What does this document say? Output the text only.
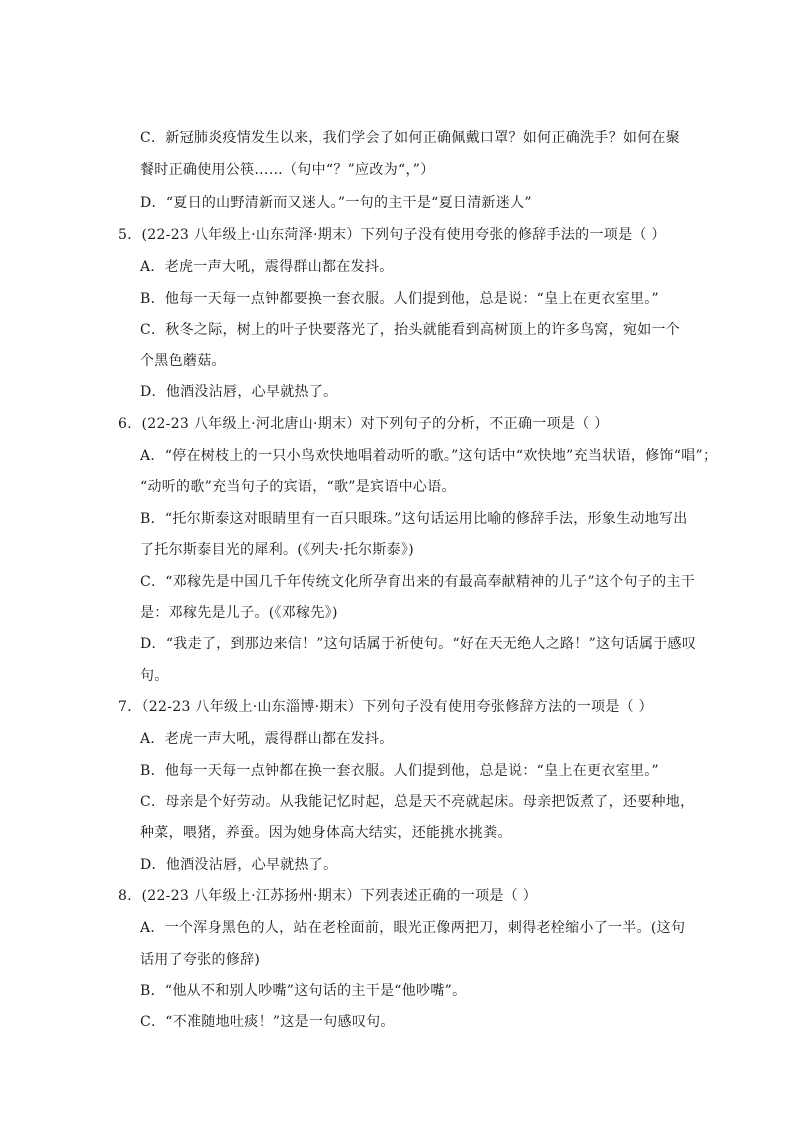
C．新冠肺炎疫情发生以来，我们学会了如何正确佩戴口罩？如何正确洗手？如何在聚
餐时正确使用公筷……（句中“？”应改为“，”）
D．“夏日的山野清新而又迷人。”一句的主干是“夏日清新迷人”
5．(22-23 八年级上·山东菏泽·期末）下列句子没有使用夸张的修辞手法的一项是（ ）
A．老虎一声大吼，震得群山都在发抖。
B．他每一天每一点钟都要换一套衣服。人们提到他，总是说：“皇上在更衣室里。”
C．秋冬之际，树上的叶子快要落光了，抬头就能看到高树顶上的许多鸟窝，宛如一个
个黑色蘑菇。
D．他酒没沾唇，心早就热了。
6．(22-23 八年级上·河北唐山·期末）对下列句子的分析，不正确一项是（ ）
A．“停在树枝上的一只小鸟欢快地唱着动听的歌。”这句话中“欢快地”充当状语，修饰“唱”；
“动听的歌”充当句子的宾语，“歌”是宾语中心语。
B．“托尔斯泰这对眼睛里有一百只眼珠。”这句话运用比喻的修辞手法，形象生动地写出
了托尔斯泰目光的犀利。(《列夫·托尔斯泰》)
C．“邓稼先是中国几千年传统文化所孕育出来的有最高奉献精神的儿子”这个句子的主干
是：邓稼先是儿子。(《邓稼先》)
D．“我走了，到那边来信！”这句话属于祈使句。“好在天无绝人之路！”这句话属于感叹
句。
7．（22-23 八年级上·山东淄博·期末）下列句子没有使用夸张修辞方法的一项是（ ）
A．老虎一声大吼，震得群山都在发抖。
B．他每一天每一点钟都在换一套衣服。人们提到他，总是说：“皇上在更衣室里。”
C．母亲是个好劳动。从我能记忆时起，总是天不亮就起床。母亲把饭煮了，还要种地，
种菜，喂猪，养蚕。因为她身体高大结实，还能挑水挑粪。
D．他酒没沾唇，心早就热了。
8．(22-23 八年级上·江苏扬州·期末）下列表述正确的一项是（ ）
A．一个浑身黑色的人，站在老栓面前，眼光正像两把刀，刺得老栓缩小了一半。(这句
话用了夸张的修辞)
B．“他从不和别人吵嘴”这句话的主干是“他吵嘴”。
C．“不准随地吐痰！”这是一句感叹句。
